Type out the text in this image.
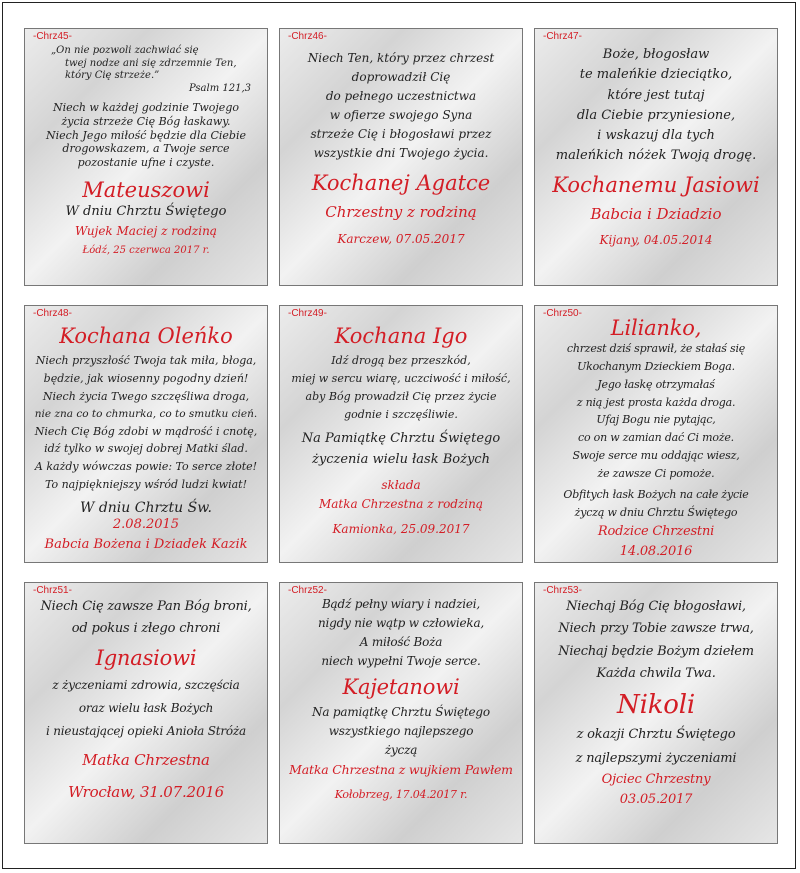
-Chrz45-
„On nie pozwoli zachwiać się
twej nodze ani się zdrzemnie Ten,
który Cię strzeże.”
Psalm 121,3
Niech w każdej godzinie Twojego
życia strzeże Cię Bóg łaskawy.
Niech Jego miłość będzie dla Ciebie
drogowskazem, a Twoje serce
pozostanie ufne i czyste.
Mateuszowi
W dniu Chrztu Świętego
Wujek Maciej z rodziną
Łódź, 25 czerwca 2017 r.
-Chrz46-
Niech Ten, który przez chrzest
doprowadził Cię
do pełnego uczestnictwa
w ofierze swojego Syna
strzeże Cię i błogosławi przez
wszystkie dni Twojego życia.
Kochanej Agatce
Chrzestny z rodziną
Karczew, 07.05.2017
-Chrz47-
Boże, błogosław
te maleńkie dzieciątko,
które jest tutaj
dla Ciebie przyniesione,
i wskazuj dla tych
maleńkich nóżek Twoją drogę.
Kochanemu Jasiowi
Babcia i Dziadzio
Kijany, 04.05.2014
-Chrz48-
Kochana Oleńko
Niech przyszłość Twoja tak miła, błoga,
będzie, jak wiosenny pogodny dzień!
Niech życia Twego szczęśliwa droga,
nie zna co to chmurka, co to smutku cień.
Niech Cię Bóg zdobi w mądrość i cnotę,
idź tylko w swojej dobrej Matki ślad.
A każdy wówczas powie: To serce złote!
To najpiękniejszy wśród ludzi kwiat!
W dniu Chrztu Św.
2.08.2015
Babcia Bożena i Dziadek Kazik
-Chrz49-
Kochana Igo
Idź drogą bez przeszkód,
miej w sercu wiarę, uczciwość i miłość,
aby Bóg prowadził Cię przez życie
godnie i szczęśliwie.
Na Pamiątkę Chrztu Świętego
życzenia wielu łask Bożych
składa
Matka Chrzestna z rodziną
Kamionka, 25.09.2017
-Chrz50-
Lilianko,
chrzest dziś sprawił, że stałaś się
Ukochanym Dzieckiem Boga.
Jego łaskę otrzymałaś
z nią jest prosta każda droga.
Ufaj Bogu nie pytając,
co on w zamian dać Ci może.
Swoje serce mu oddając wiesz,
że zawsze Ci pomoże.
Obfitych łask Bożych na całe życie
życzą w dniu Chrztu Świętego
Rodzice Chrzestni
14.08.2016
-Chrz51-
Niech Cię zawsze Pan Bóg broni,
od pokus i złego chroni
Ignasiowi
z życzeniami zdrowia, szczęścia
oraz wielu łask Bożych
i nieustającej opieki Anioła Stróża
Matka Chrzestna
Wrocław, 31.07.2016
-Chrz52-
Bądź pełny wiary i nadziei,
nigdy nie wątp w człowieka,
A miłość Boża
niech wypełni Twoje serce.
Kajetanowi
Na pamiątkę Chrztu Świętego
wszystkiego najlepszego
życzą
Matka Chrzestna z wujkiem Pawłem
Kołobrzeg, 17.04.2017 r.
-Chrz53-
Niechaj Bóg Cię błogosławi,
Niech przy Tobie zawsze trwa,
Niechaj będzie Bożym dziełem
Każda chwila Twa.
Nikoli
z okazji Chrztu Świętego
z najlepszymi życzeniami
Ojciec Chrzestny
03.05.2017
